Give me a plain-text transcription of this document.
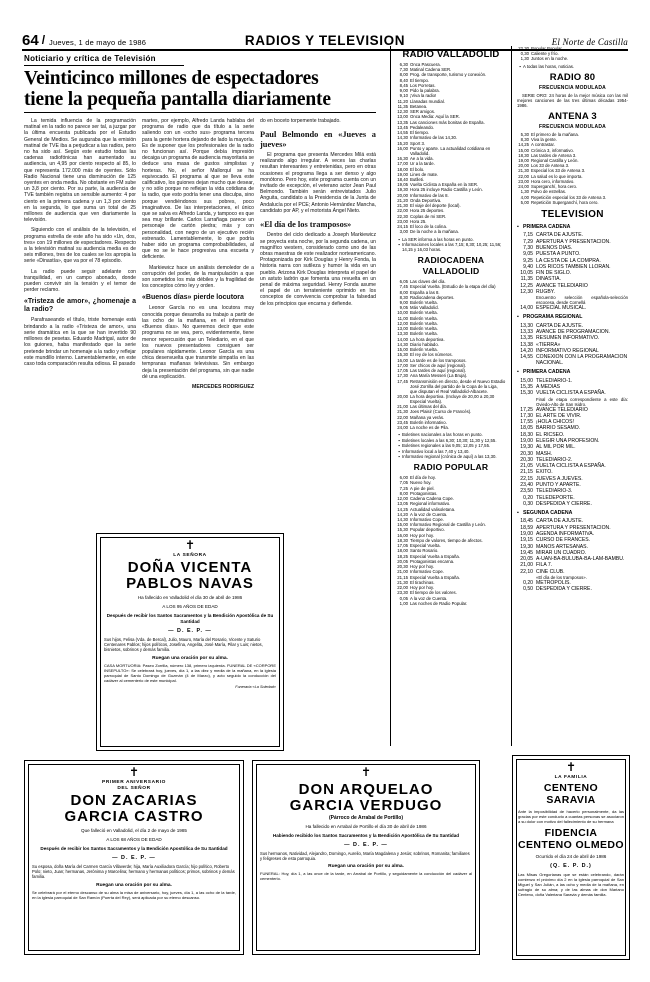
64 / Jueves, 1 de mayo de 1986	RADIOS Y TELEVISION	El Norte de Castilla
Noticiario y crítica de Televisión
Veinticinco millones de espectadores
tiene la pequeña pantalla diariamente

La temida influencia de la programación matinal en la radio no parece ser tal, a juzgar por la última encuesta publicada por el Estudio General de Medios. Se auguraba que la emisión matinal de TVE iba a perjudicar a las radios, pero no ha sido así. Según este estudio todas las cadenas radiofónicas han aumentado su audiencia, un 4,95 por ciento respecto al 85, lo que representa 172.000 más de oyentes. Sólo Radio Nacional tiene una disminución de 125 oyentes en onda media. No obstante en FM sube un 3,8 por ciento. Por su parte, la audiencia de TVE también registra un sensible aumento: 4 por ciento en la primera cadena y un 1,3 por ciento en la segunda, lo que suma un total de 25 millones de audiencia que ven diariamente la televisión.

Siguiendo con el análisis de la televisión, el programa estrella de este año ha sido «Un, dos, tres» con 19 millones de espectadores. Respecto a la televisión matinal su audiencia media es de seis millones, tres de los cuales se los apropia la serie «Dinastía», que va por el 78 episodio.

La radio puede seguir adelante con tranquilidad, en un campo abonado, donde pueden convivir sin la tensión y el temor de perder reclamo.

«Tristeza de amor», ¿homenaje a la radio?

Parafraseando el título, triste homenaje está brindando a la radio «Tristeza de amor», una serie dramática en la que se han invertido 90 millones de pesetas. Eduardo Madrigal, autor de los guiones, haba manifestado que la serie pretende brindar un homenaje a la radio y reflejar este mundillo interno. Lamentablemente, en este caso toda comparación resulta odiosa. El pasado

martes, por ejemplo, Alfredo Landa hablaba del programa de radio que da título a la serie saliendo con un «ocho sus» programa tercera para la gente hortera dejando de lado la mayoría. Es de suponer que los profesionales de la radio no funcionan así. Porque debía impresión decaiga un programa de audiencia mayoritaria se deduce una masa de gustos simplistas y horteras. No, el señor Mallorquí se ha equivocado. El programa al que se lleva este calificativo, los guiones dejan mucho que desear, y no sólo porque no reflejan la vida cotidiana de la radio, que esto podría tener una disculpa, sino porque vendiéndonos sus pobres, poco imaginativos. De las interpretaciones, el único que se salva es Alfredo Landa, y tampoco es que sea muy brillante. Carlos Larrañaga parece un personaje de cartón piedra; más y con personalidad, con negro de un ejecutivo recién estrenado. Lamentablemente, lo que podría haber sido un programa comprobabilidades, al que no se le hace progresiva una escueta y deficiente.

Markiewicz hace un análisis demoledor de a corrupción del poder, de la manipulación a que son sometidos los más débiles y la fragilidad de los conceptos cómo ley y orden.

«Buenos días» pierde locutora

Leonor García no es una locutora muy conocida porque desarrolla su trabajo a partir de las ocho de la mañana, en el informativo «Buenos días». No queremos decir que este programa no se vea, pero, evidentemente, tiene menor repercusión que un Telediario, en el que los nuevos presentadores consiguen ser populares rápidamente. Leonor García es una chica desenvuelta que transmite simpatía en las tempranas mañanas televisivas. Sin embargo deja la presentación del programa, sin que nadie dé una explicación.

MERCEDES RODRIGUEZ

do en boceto torpemente trabajado.

Paul Belmondo en «Jueves a jueves»

El programa que presenta Mercedes Milá está realizando algo irregular. A veces las charlas resultan interesantes y entretenidas, pero en otras ocasiones el programa llega a ser denso y algo monótono. Pero hoy, este programa cuenta con un invitado de excepción, el veterano actor Jean Paul Belmondo. También serán entrevistados Julio Anguita, candidato a la Presidencia de la Junta de Andalucía por el PCE; Antonio Hernández Mancha, candidato por AP, y el motorista Ángel Nieto.

«El día de los tramposos»

Dentro del ciclo dedicado a Joseph Markiewicz se proyecta esta noche, por la segunda cadena, un magnífico western, considerado como uno de las obras maestras de este realizador norteamericano. Protagonizada por Kirk Douglas y Henry Fonda, la historia narra con sutileza y humor la vida en un pueblo. Arizona Kirk Douglas interpreta el papel de un astuto ladrón que fomenta una revuelta en un penal de máxima seguridad. Henry Fonda asume el papel de un terrateniente oprimido en los conceptos de convivencia comprobar la falsedad de los principios que encarna y defiende.

RADIO VALLADOLID
6,30 Onca Pascuera.
7,30 Matinal Cadena SER.
8,00 Prog. de transporte, turismo y conexión.
8,40 El tiempo.
8,45 Los Porretas.
9,00 Pido la palabra.
9,10 ¡Viva la radio!
11,20 Llanadas mundial.
11,35 Betanea.
12,30 SER amigos.
13,00 Onca Media: Aquí la SER.
13,35 Las canciones más bonitas de España.
13,45 Pedaleando.
14,55 El tiempo.
14,30 Informativo de las 14,30.
15,20 Sport 3.
16,00 Punto y aparte. La actualidad cotidiana en Valladolid.
16,30 Ae a la vida.
17,00 Ur a la tarde.
18,00 El bolo.
19,00 Lines de mate.
18,40 Butlleti.
19,05 Vuelta Ciclista a España en la SER.
19,30 Hora 25 incluye Radio Castilla y León.
20,00 Informativo de las 8.
21,20 Onda Deportiva.
21,30 El viaje del deporte (local).
22,00 Hora 25 deportes.
22,30 Coplas de mi SER.
23,00 Hora 25.
24,15 El loco de la colina.
3,00 De la noche a la mañana.
▪ La SER informa a las horas en punto.
▪ Informaciones locales a las 7,15; 8,30; 10,25; 11,56; 14,15 y 16,03 horas.
RADIOCADENA
VALLADOLID
6,05 Las claves del día.
7,45 Especial Vuelta. (Estudio de la etapa del día)
8,00 España a las 8.
8,30 Radiocadena deportes.
9,00 Boletín Vuelta.
9,05 Más Valladolid.
10,00 Boletín Vuelta.
11,00 Boletín Vuelta.
12,00 Boletín Vuelta.
13,00 Boletín Vuelta.
13,30 Boletín Vuelta.
14,00 La hora deportiva.
14,30 Diario hablado.
15,00 Boletín Vuelta.
15,30 El rey de los números.
16,00 La tarde es de los tramposos.
17,00 Ser chicos de aquí (regional).
17,05 Las tardes de aquí (regional).
17,30 Ana María Messeri (La Bruja).
17,45 Retransmisión en directo, desde el Nuevo Estadio José Zorrilla del partido de la Copa de la Liga, que disputan el Real Valladolid-Albacete.
20,00 La hora deportiva. (Incluye de 20,00 a 20,30 Especial Vuelta).
21,00 Las últimas del día.
21,30 Joes Plaisir (Curso de Francés).
22,00 Mañana ya verás.
23,45 Boletín informativo.
24,00 La noche es de Pila.
▪ Boletines nacionales a las horas en punto.
▪ Boletines locales a las 6,30; 10,30; 11,30 y 12,55.
▪ Boletines regionales a las 9,05; 12,05 y 17,55.
▪ Informativo local a las 7,40 y 13,40.
▪ Informativo regional (crónica de aquí) a las 13,30.
RADIO POPULAR
6,00 El día de hoy.
7,05 Nuevo hoy.
7,25 A pie de piel.
8,00 Protagonistas.
12,00 Cadena Cadena Cope.
13,05 Regional informativo.
14,25 Actualidad valisoletana.
14,20 A la voz de Cuenta.
14,30 Informativo Cope.
15,00 Informativo Regional de Castilla y León.
15,30 Popular deportivo.
16,00 Hoy por hoy.
18,30 Tiempo de valores, tiempo de afectos.
17,05 Especial Vuelta.
18,00 Santo Rosario.
18,25 Especial Vuelta a España.
20,05 Protagonistas encarna.
20,30 Hoy por hoy.
21,00 Informativo Cope.
21,15 Especial Vuelta a España.
21,30 El tirachinas.
22,00 Hoy por hoy.
23,30 El tiempo de los valores.
0,05 A la voz de Cuenta.
1,00 Las noches de Radio Popular.
22,30 Popular Popular.
0,30 Caliente y frío.
1,30 Juntos en la noche.
▪ A todas las horas, noticias.
RADIO 80
FRECUENCIA MODULADA
SERIE ORO: 24 horas de la mejor música con las mil mejores canciones de las tres últimas décadas 1954-1986.
ANTENA 3
FRECUENCIA MODULADA
5,30 El primero de la mañana.
8,30 Viva la gente.
14,25 A contrastar.
15,00 Crónica 3, informativo.
18,30 Las tardes de Antena 3.
19,00 Regional Castilla y León.
20,00 Los 33 de Antena 3.
21,30 Especial los 33 de Antena 3.
22,00 La salud es lo que importa.
23,00 Hora cero, informativo.
24,00 Superganchí, hora cero.
1,30 Polvo de estrellas.
4,00 Repetición especial los 33 de Antena 3.
5,00 Repetición Superganchí, hora cero.
TELEVISION
▪ PRIMERA CADENA
7,15 CARTA DE AJUSTE.
7,29 APERTURA Y PRESENTACION.
7,30 BUENOS DIAS.
9,05 PUESTA A PUNTO.
9,25 LA CESTA DE LA COMPRA.
9,40 LOS RICOS TAMBIEN LLORAN.
10,05 FIN DE SIGLO.
11,35 DINASTIA.
12,25 AVANCE TELEDIARIO
12,30 RUGBY.
Encuentro selección española-selección escocesa, desde Cornellá
14,00 ESPECIAL MUSICAL.
▪ PROGRAMA REGIONAL
13,30 CARTA DE AJUSTE.
13,33 AVANCE DE PROGRAMACION.
13,35 RESUMEN INFORMATIVO.
13,38 «TIERRA»
14,20 INFORMATIVO REGIONAL
14,55 CONEXION CON LA PROGRAMACION NACIONAL.
▪ PRIMERA CADENA
15,00 TELEDIARIO-1.
15,35 A MEDIAS
15,30 VUELTA CICLISTA A ESPAÑA.
Final de etapa correspondiente a este día: Oviedo-Alto de San Isidro.
17,25 AVANCE TELEDIARIO
17,30 EL ARTE DE VIVIR.
17,55 ¡HOLA CHICOS!
18,05 BARRIO SESAMO.
18,30 EL RICSEO.
19,00 ELEGIR UNA PROFESION.
19,30 AL MIL POR MIL.
20,30 MASH.
20,30 TELEDIARIO-2.
21,05 VUELTA CICLISTA A ESPAÑA.
21,15 EXITO.
22,15 JUEVES A JUEVES.
23,40 PUNTO Y APARTE.
23,50 TELEDIARIO-3.
0,20 TELEDEPORTE.
0,30 DESPEDIDA Y CIERRE.
▪ SEGUNDA CADENA
18,45 CARTA DE AJUSTE.
18,59 APERTURA Y PRESENTACION.
19,00 AGENDA INFORMATIVA.
19,15 CURSO DE FRANCES.
19,30 MANOS ARTESANAS.
19,45 MIRAR UN CUADRO.
20,05 A-UAN-BA-BULUBA-BA-LAM-BAMBU.
21,00 FILA 7.
22,10 CINE CLUB.
«El día de los tramposos».
0,20 METROPOLIS.
0,50 DESPEDIDA Y CIERRE.
✝
LA SEÑORA
DOÑA VICENTA
PABLOS NAVAS
Ha fallecido en Valladolid el día 30 de abril de 1986
A LOS 95 AÑOS DE EDAD
Después de recibir los Santos Sacramentos y la Bendición Apostólica de Su Santidad
— D. E. P. —
Sus hijos, Felisa (Vda. de Bercal), Julio, Mauro, María del Rosario, Vicente y Saturio Centenares Pablos; hijos políticos, Josefina, Angelita, José María, Pilar y Luis; nietos, bisnietos, sobrinos y demás familia.
Ruegan una oración por su alma.
CASA MORTUORIA: Paseo Zorrilla, número 138, primero izquierda. FUNERAL DE «CORPORE INSEPULTO»: Se celebrará hoy, jueves, día 1, a las diez y media de la mañana, en la iglesia parroquial de Santo Domingo de Guzmán (4 de Marzo), y acto seguido la conducción del cadáver al cementerio de este municipal.
Funeraria «La Soledad»
✝
PRIMER ANIVERSARIO
DEL SEÑOR
DON ZACARIAS
GARCIA CASTRO
Que falleció en Valladolid, el día 2 de mayo de 1985
A LOS 68 AÑOS DE EDAD
Después de recibir los Santos Sacramentos y la Bendición Apostólica de Su Santidad
— D. E. P. —
Su esposa, doña María del Carmen García Villaverde; hija, María Auxiliadora García; hijo político, Roberto Polo; nieto, Juan; hermanas, Jerónima y Marcelina; hermano y hermanas políticos; primos, sobrinos y demás familia.
Ruegan una oración por su alma.
Se celebrará por el eterno descanso de su alma la misa de aniversario, hoy, jueves, día 1, a las ocho de la tarde, en la iglesia parroquial de San Ramón (Puerta del Rey), será aplicada por su eterno descanso.
✝
DON ARQUELAO
GARCIA VERDUGO
(Párroco de Arrabal de Portillo)
Ha fallecido en Arrabal de Portillo el día 30 de abril de 1986
Habiendo recibido los Santos Sacramentos y la Bendición Apostólica de Su Santidad
— D. E. P. —
Sus hermanos, Natividad, Alejandro, Domingo, Aurelio, María Magdalena y Jesús; sobrinos, Romanita; familiares y feligreses de esta parroquia.
Ruegan una oración por su alma.
FUNERAL: Hoy, día 1, a las once de la tarde, en Arrabal de Portillo, y seguidamente la conducción del cadáver al cementerio.
✝
LA FAMILIA
CENTENO SARAVIA
Ante la imposibilidad de hacerlo personalmente, da las gracias por este conducto a cuantas personas se asociaron a su dolor con motivo del fallecimiento de su hermana
FIDENCIA
CENTENO OLMEDO
Ocurrido el día 24 de abril de 1986
(Q. E. P. D.)
Las Misas Gregorianas que se están celebrando, darán comienzo el próximo día 2 en la iglesia parroquial de San Miguel y San Julián, a las ocho y media de la mañana, en sufragio de su alma; y de las almas de don Mariano Centeno, doña Valeriana Saravia y demás familia.
